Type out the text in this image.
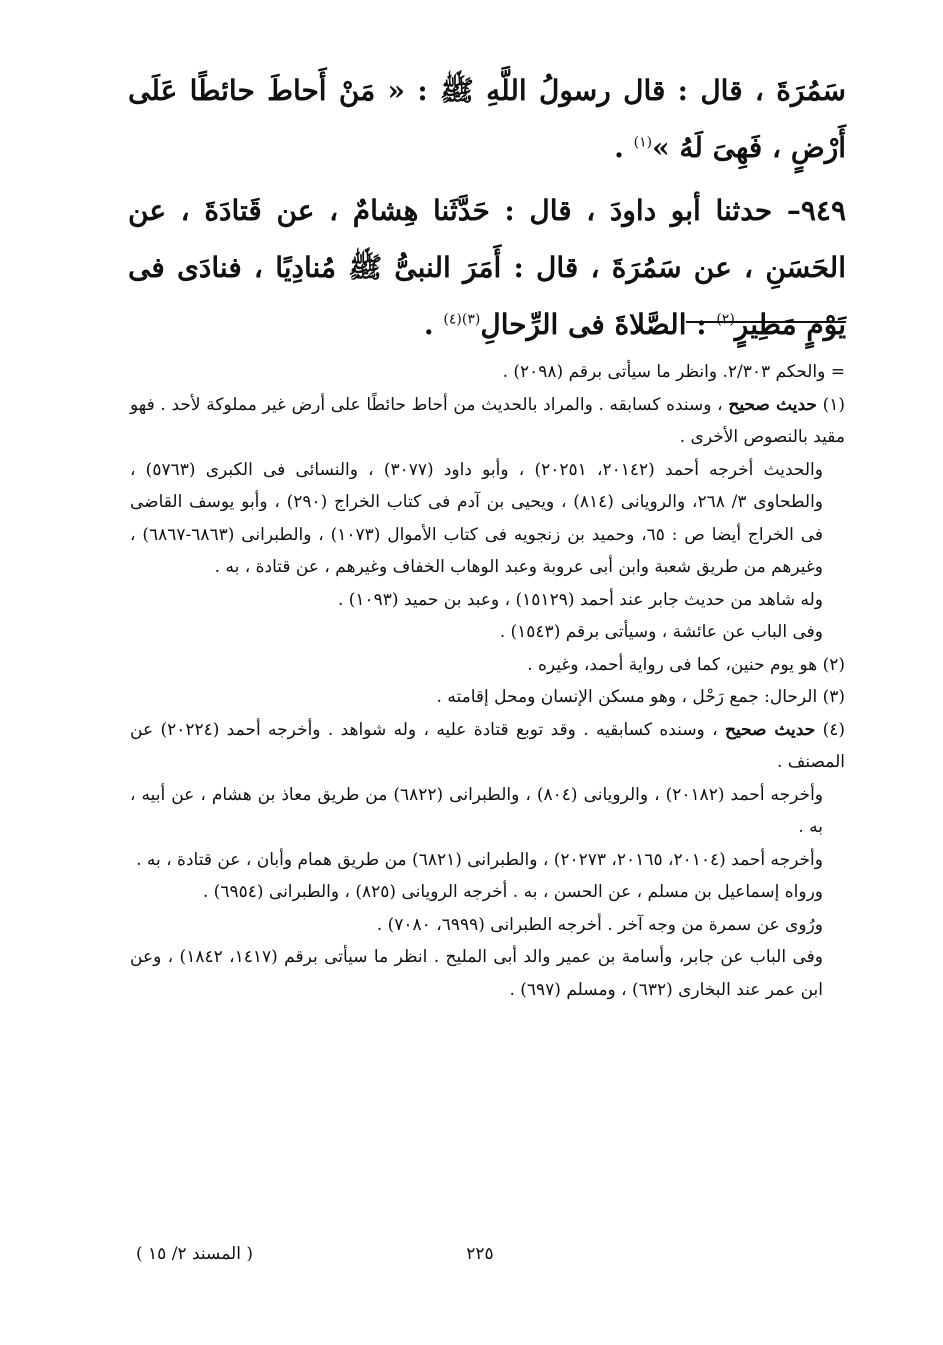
سَمُرَةَ ، قال : قال رسولُ اللَّهِ ﷺ : « مَنْ أَحاطَ حائطًا عَلَى أَرْضٍ ، فَهِىَ لَهُ »$^{(١)}$ .

٩٤٩– حدثنا أبو داودَ ، قال : حَدَّثَنا هِشامٌ ، عن قَتادَةَ ، عن الحَسَنِ ، عن سَمُرَةَ ، قال : أَمَرَ النبىُّ ﷺ مُنادِيًا ، فنادَى فى يَوْمٍ مَطِيرٍ$^{(٢)}$ : الصَّلاةَ فى الرِّحالِ$^{(٣)(٤)}$ .

= والحكم ٢/٣٠٣. وانظر ما سيأتى برقم (٢٠٩٨) .

(١) حديث صحيح ، وسنده كسابقه . والمراد بالحديث من أحاط حائطًا على أرض غير مملوكة لأحد . فهو مقيد بالنصوص الأخرى .

والحديث أخرجه أحمد (٢٠١٤٢، ٢٠٢٥١) ، وأبو داود (٣٠٧٧) ، والنسائى فى الكبرى (٥٧٦٣) ، والطحاوى ٣/ ٢٦٨، والرويانى (٨١٤) ، ويحيى بن آدم فى كتاب الخراج (٢٩٠) ، وأبو يوسف القاضى فى الخراج أيضا ص : ٦٥، وحميد بن زنجويه فى كتاب الأموال (١٠٧٣) ، والطبرانى (٦٨٦٣-٦٨٦٧) ، وغيرهم من طريق شعبة وابن أبى عروبة وعبد الوهاب الخفاف وغيرهم ، عن قتادة ، به .

وله شاهد من حديث جابر عند أحمد (١٥١٢٩) ، وعبد بن حميد (١٠٩٣) .

وفى الباب عن عائشة ، وسيأتى برقم (١٥٤٣) .

(٢) هو يوم حنين، كما فى رواية أحمد، وغيره .

(٣) الرحال: جمع رَحْل ، وهو مسكن الإنسان ومحل إقامته .

(٤) حديث صحيح ، وسنده كسابقيه . وقد توبع قتادة عليه ، وله شواهد . وأخرجه أحمد (٢٠٢٢٤) عن المصنف .

وأخرجه أحمد (٢٠١٨٢) ، والرويانى (٨٠٤) ، والطبرانى (٦٨٢٢) من طريق معاذ بن هشام ، عن أبيه ، به .

وأخرجه أحمد (٢٠١٠٤، ٢٠١٦٥، ٢٠٢٧٣) ، والطبرانى (٦٨٢١) من طريق همام وأبان ، عن قتادة ، به .

ورواه إسماعيل بن مسلم ، عن الحسن ، به . أخرجه الرويانى (٨٢٥) ، والطبرانى (٦٩٥٤) .

ورُوى عن سمرة من وجه آخر . أخرجه الطبرانى (٦٩٩٩، ٧٠٨٠) .

وفى الباب عن جابر، وأسامة بن عمير والد أبى المليح . انظر ما سيأتى برقم (١٤١٧، ١٨٤٢) ، وعن ابن عمر عند البخارى (٦٣٢) ، ومسلم (٦٩٧) .

٢٢٥
( المسند ٢/ ١٥ )
